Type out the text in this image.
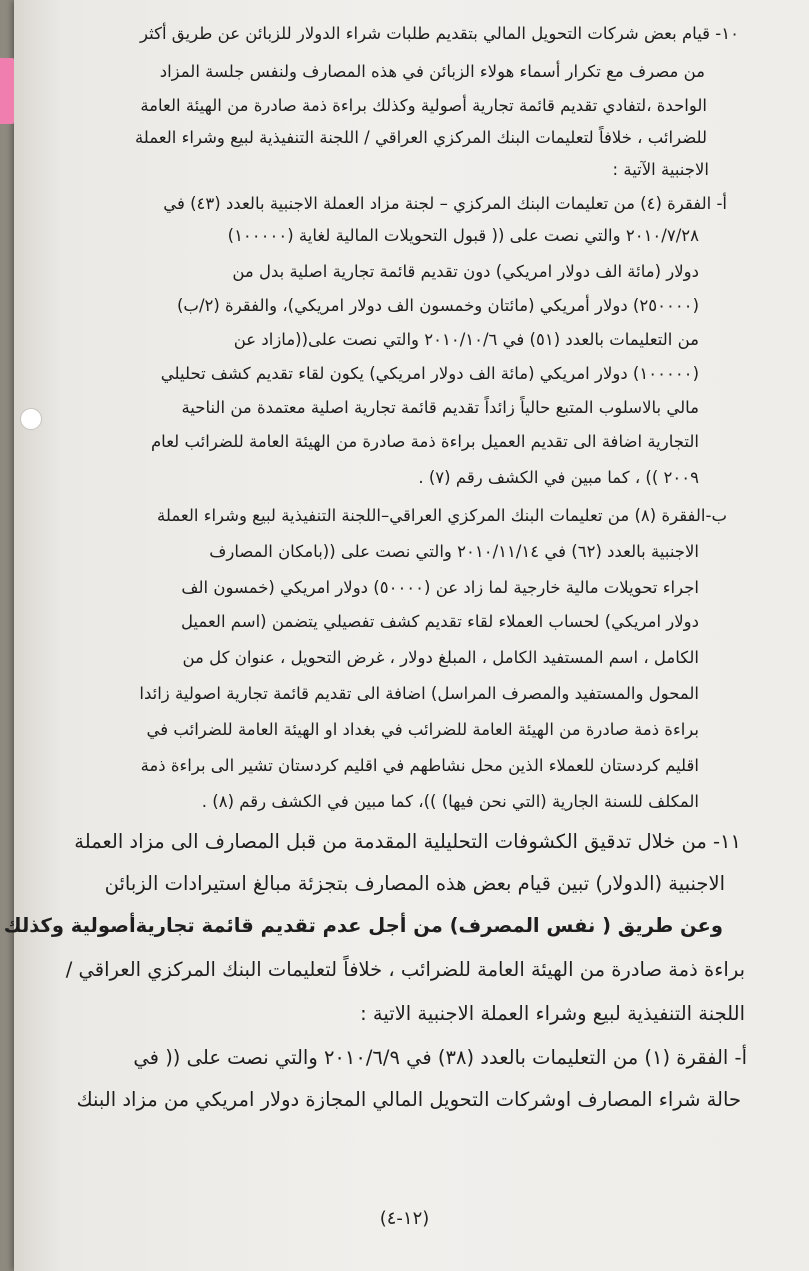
١٠- قيام بعض شركات التحويل المالي بتقديم طلبات شراء الدولار للزبائن عن طريق أكثر
من مصرف مع تكرار أسماء هولاء الزبائن في هذه المصارف ولنفس جلسة المزاد
الواحدة ،لتفادي تقديم قائمة تجارية أصولية وكذلك براءة ذمة صادرة من الهيئة العامة
للضرائب ، خلافاً لتعليمات البنك المركزي العراقي / اللجنة التنفيذية لبيع وشراء العملة
الاجنبية الآتية :
أ- الفقرة (٤) من تعليمات البنك المركزي – لجنة مزاد العملة الاجنبية بالعدد (٤٣) في
٢٠١٠/٧/٢٨ والتي نصت على (( قبول التحويلات المالية لغاية (١٠٠٠٠٠)
دولار (مائة الف دولار امريكي) دون تقديم قائمة تجارية اصلية بدل من
(٢٥٠٠٠٠) دولار أمريكي (مائتان وخمسون الف دولار امريكي)، والفقرة (٢/ب)
من التعليمات بالعدد (٥١) في ٢٠١٠/١٠/٦ والتي نصت على((مازاد عن
(١٠٠٠٠٠) دولار امريكي (مائة الف دولار امريكي) يكون لقاء تقديم كشف تحليلي
مالي بالاسلوب المتبع حالياً زائداً تقديم قائمة تجارية اصلية معتمدة من الناحية
التجارية اضافة الى تقديم العميل براءة ذمة صادرة من الهيئة العامة للضرائب لعام
٢٠٠٩ )) ، كما مبين في الكشف رقم (٧) .
ب-الفقرة (٨) من تعليمات البنك المركزي العراقي–اللجنة التنفيذية لبيع وشراء العملة
الاجنبية بالعدد (٦٢) في ٢٠١٠/١١/١٤ والتي نصت على ((بامكان المصارف
اجراء تحويلات مالية خارجية لما زاد عن (٥٠٠٠٠) دولار امريكي (خمسون الف
دولار امريكي) لحساب العملاء لقاء تقديم كشف تفصيلي يتضمن (اسم العميل
الكامل ، اسم المستفيد الكامل ، المبلغ دولار ، غرض التحويل ، عنوان كل من
المحول والمستفيد والمصرف المراسل) اضافة الى تقديم قائمة تجارية اصولية زائدا
براءة ذمة صادرة من الهيئة العامة للضرائب في بغداد او الهيئة العامة للضرائب في
اقليم كردستان للعملاء الذين محل نشاطهم في اقليم كردستان تشير الى براءة ذمة
المكلف للسنة الجارية (التي نحن فيها) ))، كما مبين في الكشف رقم (٨) .
١١- من خلال تدقيق الكشوفات التحليلية المقدمة من قبل المصارف الى مزاد العملة
الاجنبية (الدولار) تبين قيام بعض هذه المصارف بتجزئة مبالغ استيرادات الزبائن
وعن طريق ( نفس المصرف) من أجل عدم تقديم قائمة تجاريةأصولية وكذلك
براءة ذمة صادرة من الهيئة العامة للضرائب ، خلافاً لتعليمات البنك المركزي العراقي /
اللجنة التنفيذية لبيع وشراء العملة الاجنبية الاتية :
أ- الفقرة (١) من التعليمات بالعدد (٣٨) في ٢٠١٠/٦/٩ والتي نصت على (( في
حالة شراء المصارف اوشركات التحويل المالي المجازة دولار امريكي من مزاد البنك
(١٢-٤)
